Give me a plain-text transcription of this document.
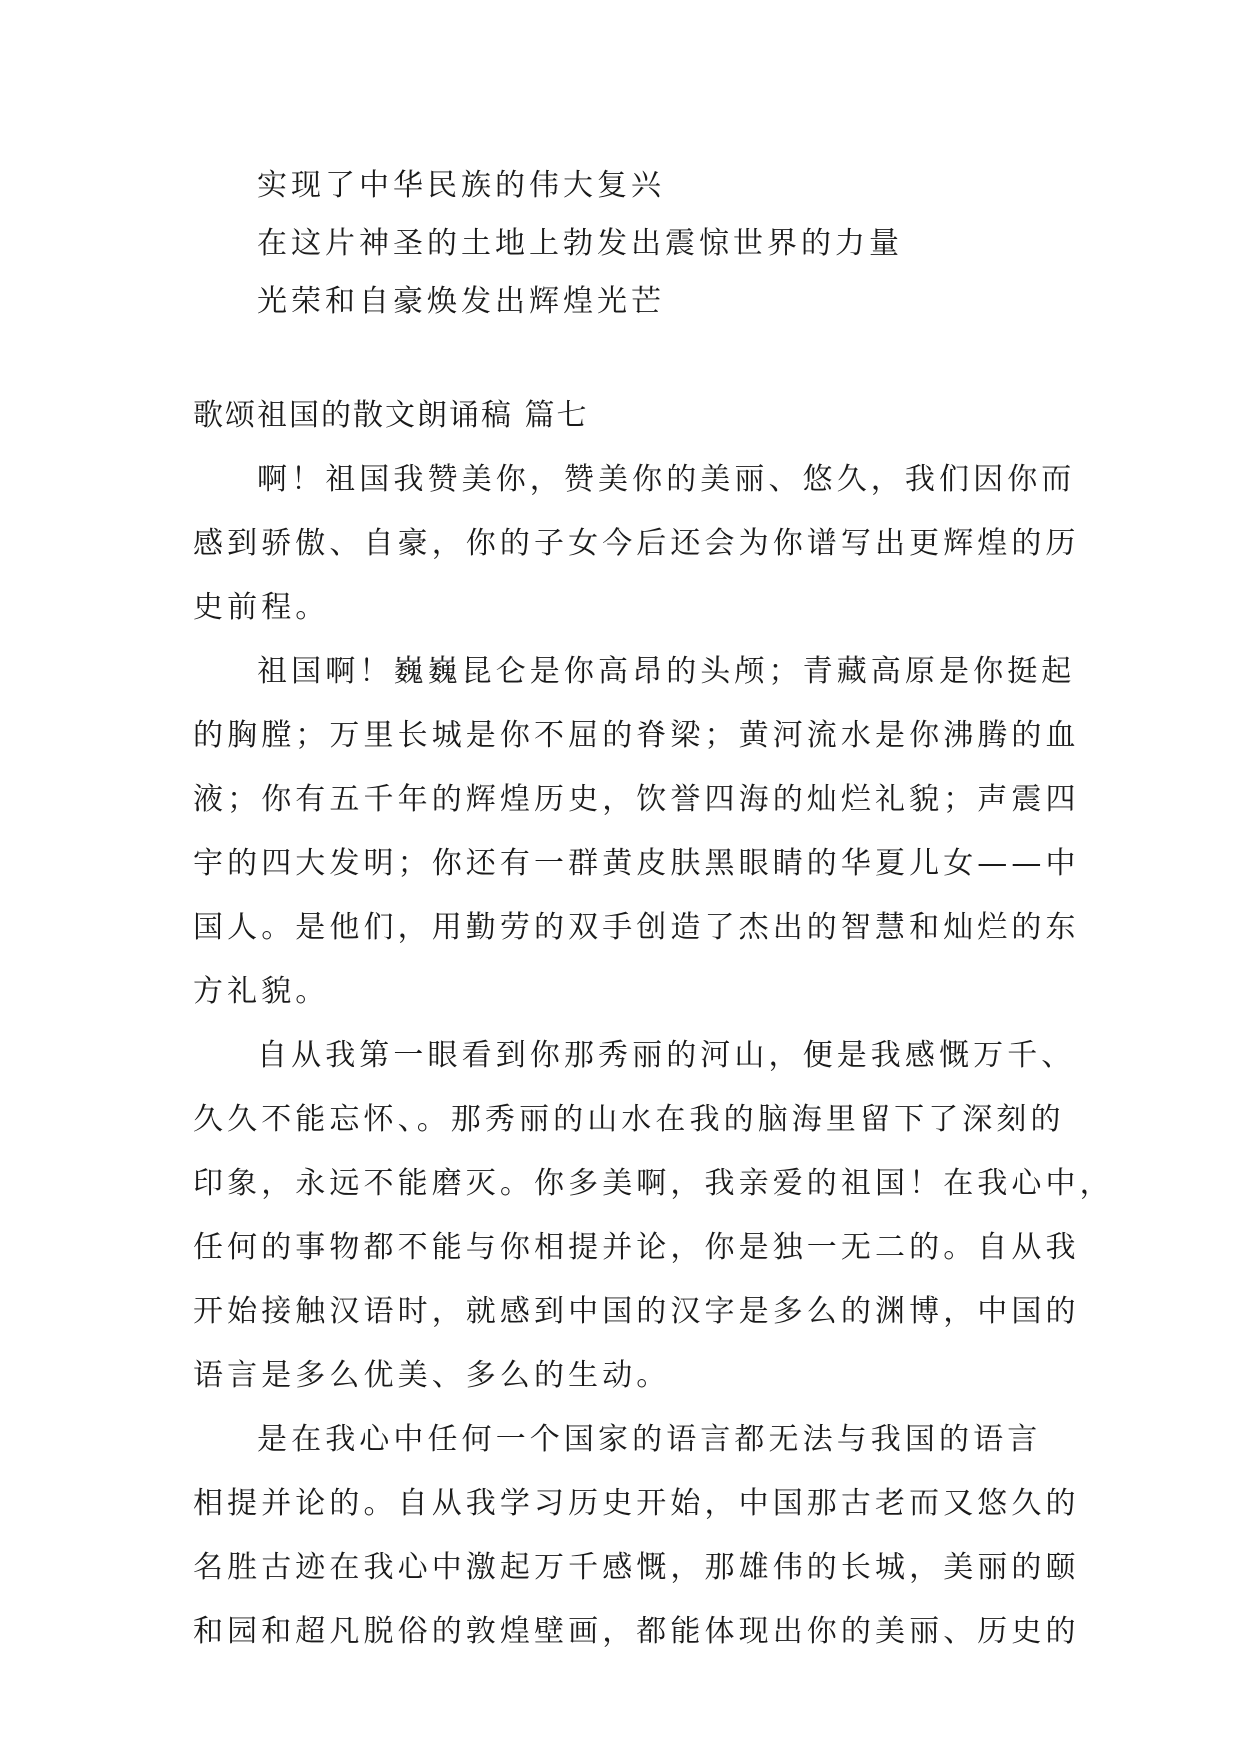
实现了中华民族的伟大复兴
在这片神圣的土地上勃发出震惊世界的力量
光荣和自豪焕发出辉煌光芒
歌颂祖国的散文朗诵稿 篇七
啊！祖国我赞美你，赞美你的美丽、悠久，我们因你而
感到骄傲、自豪，你的子女今后还会为你谱写出更辉煌的历
史前程。
祖国啊！巍巍昆仑是你高昂的头颅；青藏高原是你挺起
的胸膛；万里长城是你不屈的脊梁；黄河流水是你沸腾的血
液；你有五千年的辉煌历史，饮誉四海的灿烂礼貌；声震四
宇的四大发明；你还有一群黄皮肤黑眼睛的华夏儿女——中
国人。是他们，用勤劳的双手创造了杰出的智慧和灿烂的东
方礼貌。
自从我第一眼看到你那秀丽的河山，便是我感慨万千、
久久不能忘怀、。那秀丽的山水在我的脑海里留下了深刻的
印象，永远不能磨灭。你多美啊，我亲爱的祖国！在我心中，
任何的事物都不能与你相提并论，你是独一无二的。自从我
开始接触汉语时，就感到中国的汉字是多么的渊博，中国的
语言是多么优美、多么的生动。
是在我心中任何一个国家的语言都无法与我国的语言
相提并论的。自从我学习历史开始，中国那古老而又悠久的
名胜古迹在我心中激起万千感慨，那雄伟的长城，美丽的颐
和园和超凡脱俗的敦煌壁画，都能体现出你的美丽、历史的
